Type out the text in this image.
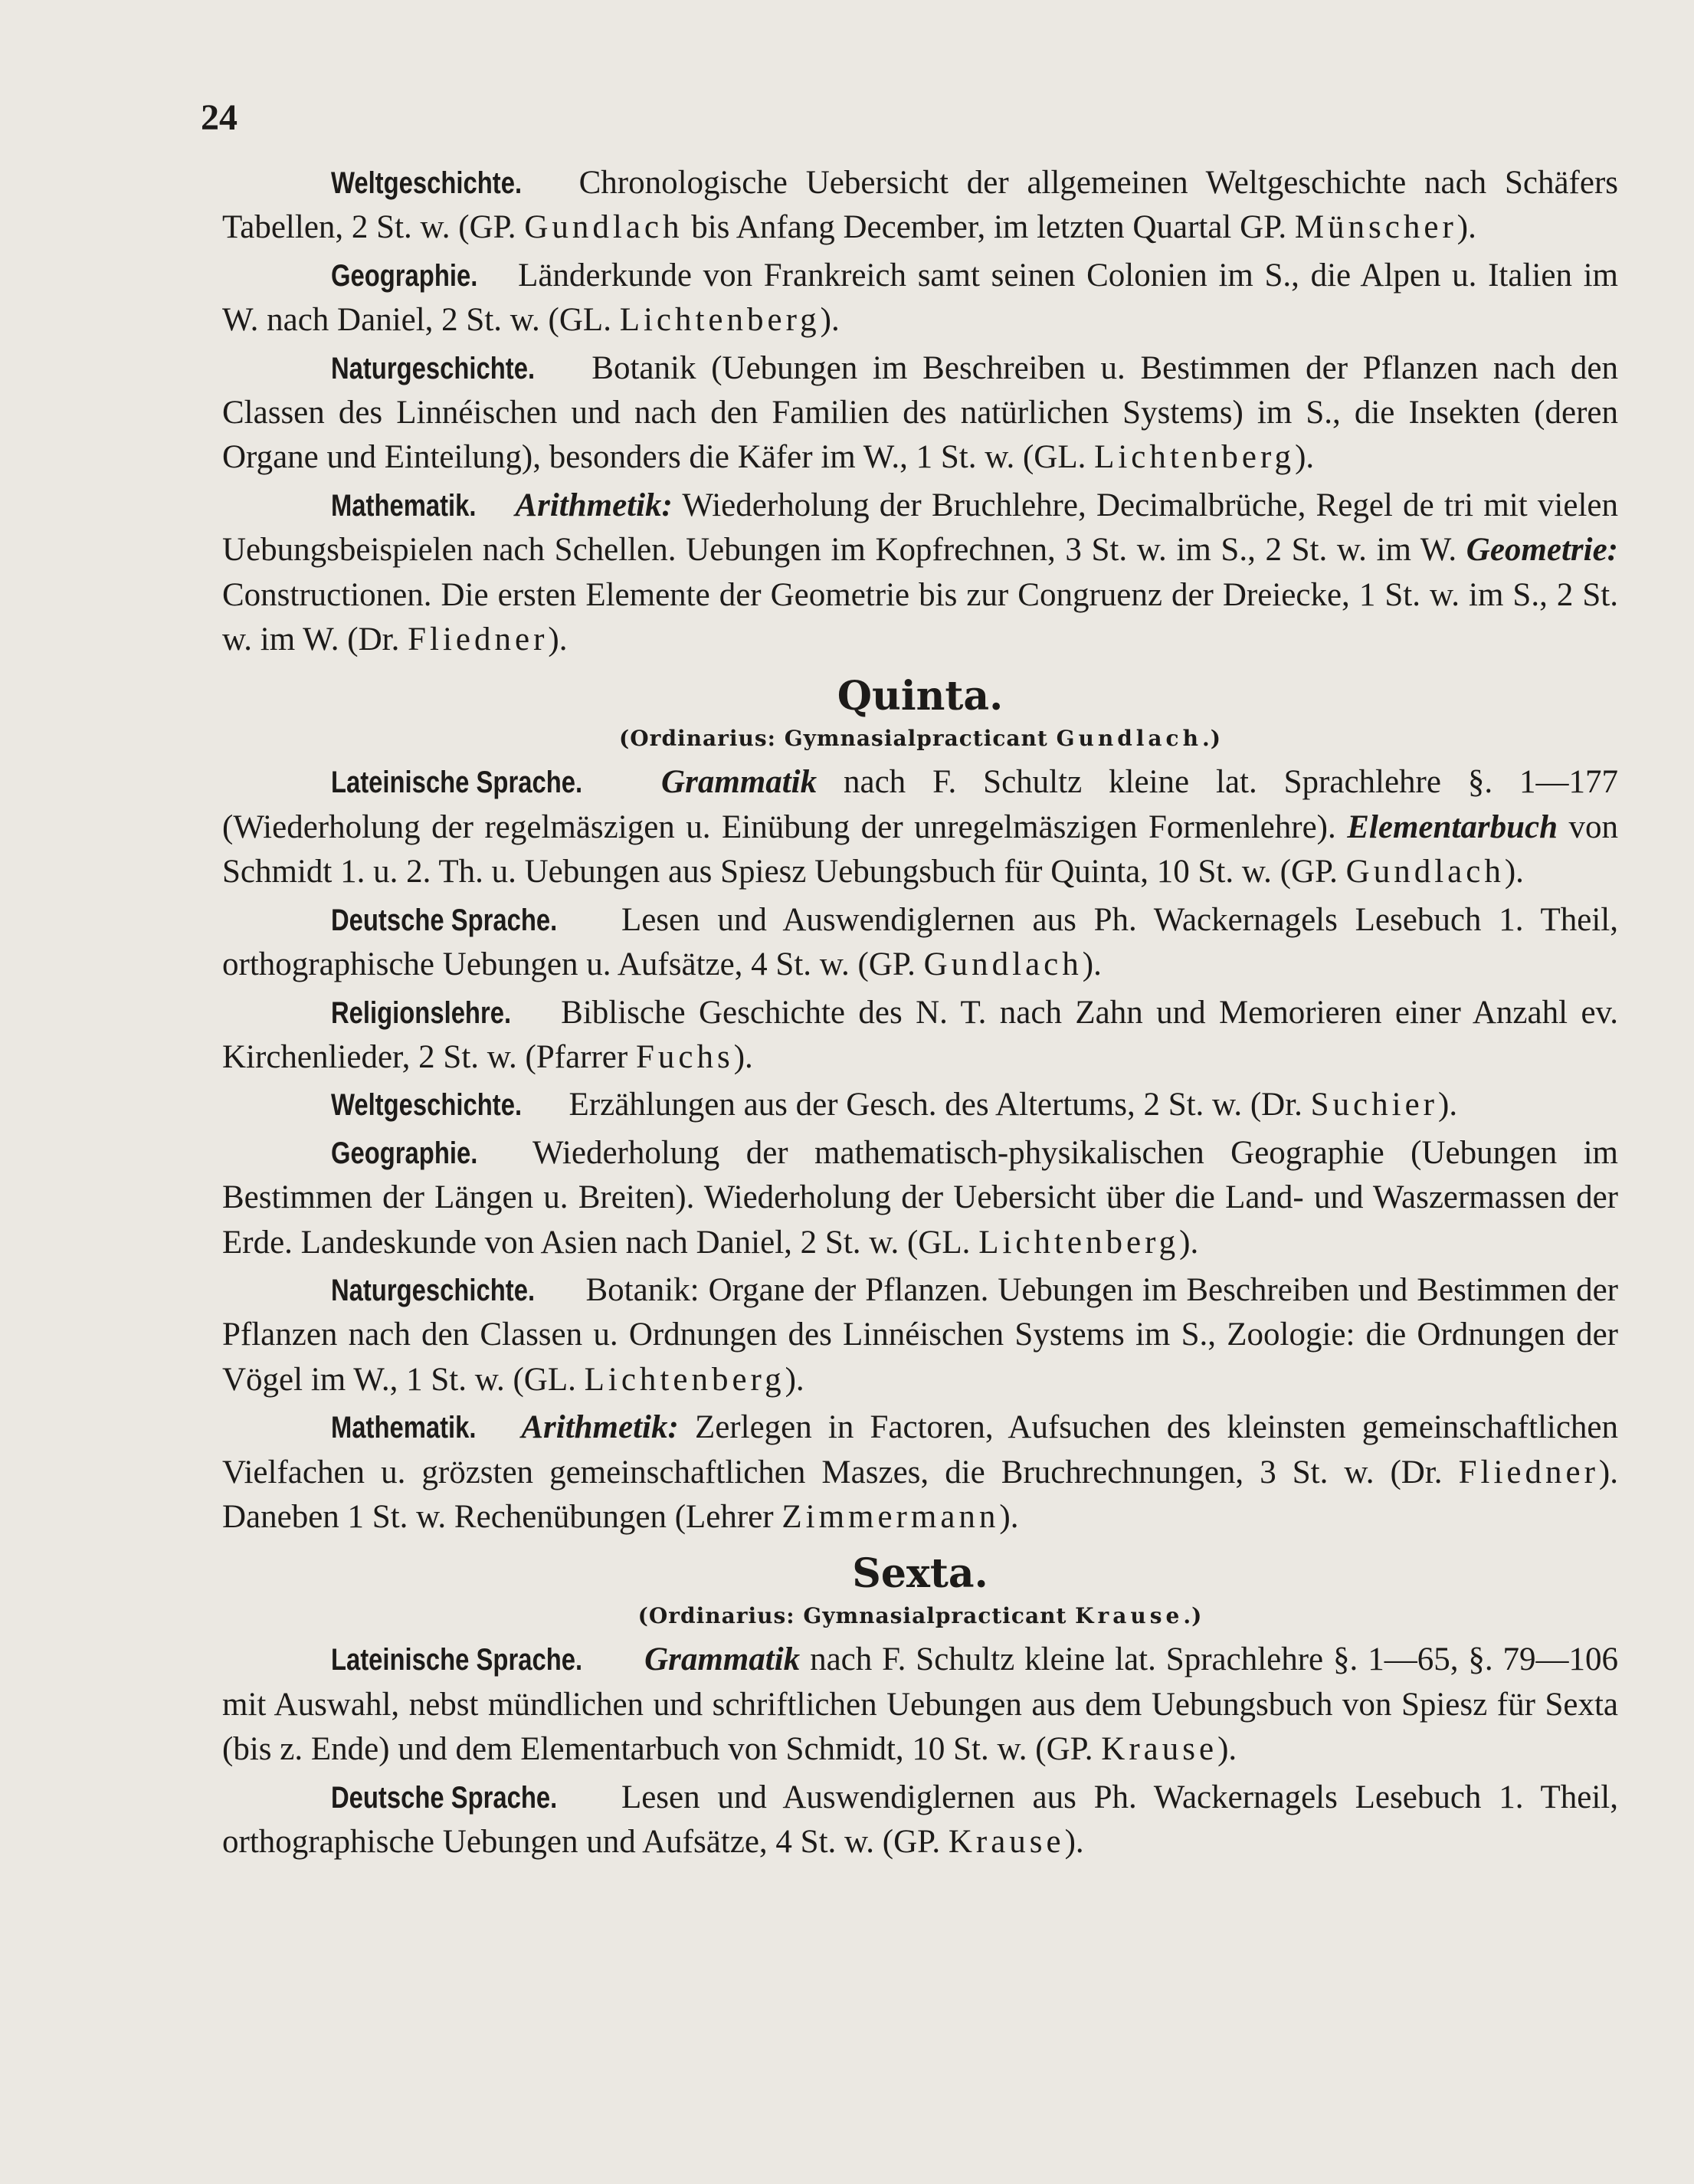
24

Weltgeschichte. Chronologische Uebersicht der allgemeinen Weltgeschichte nach Schäfers Tabellen, 2 St. w. (GP. Gundlach bis Anfang December, im letzten Quartal GP. Münscher).

Geographie. Länderkunde von Frankreich samt seinen Colonien im S., die Alpen u. Italien im W. nach Daniel, 2 St. w. (GL. Lichtenberg).

Naturgeschichte. Botanik (Uebungen im Beschreiben u. Bestimmen der Pflanzen nach den Classen des Linnéischen und nach den Familien des natürlichen Systems) im S., die Insekten (deren Organe und Einteilung), besonders die Käfer im W., 1 St. w. (GL. Lichtenberg).

Mathematik. Arithmetik: Wiederholung der Bruchlehre, Decimalbrüche, Regel de tri mit vielen Uebungsbeispielen nach Schellen. Uebungen im Kopfrechnen, 3 St. w. im S., 2 St. w. im W. Geometrie: Constructionen. Die ersten Elemente der Geometrie bis zur Congruenz der Dreiecke, 1 St. w. im S., 2 St. w. im W. (Dr. Fliedner).

Quinta.
(Ordinarius: Gymnasialpracticant Gundlach.)

Lateinische Sprache. Grammatik nach F. Schultz kleine lat. Sprachlehre §. 1—177 (Wiederholung der regelmäszigen u. Einübung der unregelmäszigen Formenlehre). Elementarbuch von Schmidt 1. u. 2. Th. u. Uebungen aus Spiesz Uebungsbuch für Quinta, 10 St. w. (GP. Gundlach).

Deutsche Sprache. Lesen und Auswendiglernen aus Ph. Wackernagels Lesebuch 1. Theil, orthographische Uebungen u. Aufsätze, 4 St. w. (GP. Gundlach).

Religionslehre. Biblische Geschichte des N. T. nach Zahn und Memorieren einer Anzahl ev. Kirchenlieder, 2 St. w. (Pfarrer Fuchs).

Weltgeschichte. Erzählungen aus der Gesch. des Altertums, 2 St. w. (Dr. Suchier).

Geographie. Wiederholung der mathematisch-physikalischen Geographie (Uebungen im Bestimmen der Längen u. Breiten). Wiederholung der Uebersicht über die Land- und Waszermassen der Erde. Landeskunde von Asien nach Daniel, 2 St. w. (GL. Lichtenberg).

Naturgeschichte. Botanik: Organe der Pflanzen. Uebungen im Beschreiben und Bestimmen der Pflanzen nach den Classen u. Ordnungen des Linnéischen Systems im S., Zoologie: die Ordnungen der Vögel im W., 1 St. w. (GL. Lichtenberg).

Mathematik. Arithmetik: Zerlegen in Factoren, Aufsuchen des kleinsten gemeinschaftlichen Vielfachen u. grözsten gemeinschaftlichen Maszes, die Bruchrechnungen, 3 St. w. (Dr. Fliedner). Daneben 1 St. w. Rechenübungen (Lehrer Zimmermann).

Sexta.
(Ordinarius: Gymnasialpracticant Krause.)

Lateinische Sprache. Grammatik nach F. Schultz kleine lat. Sprachlehre §. 1—65, §. 79—106 mit Auswahl, nebst mündlichen und schriftlichen Uebungen aus dem Uebungsbuch von Spiesz für Sexta (bis z. Ende) und dem Elementarbuch von Schmidt, 10 St. w. (GP. Krause).

Deutsche Sprache. Lesen und Auswendiglernen aus Ph. Wackernagels Lesebuch 1. Theil, orthographische Uebungen und Aufsätze, 4 St. w. (GP. Krause).
